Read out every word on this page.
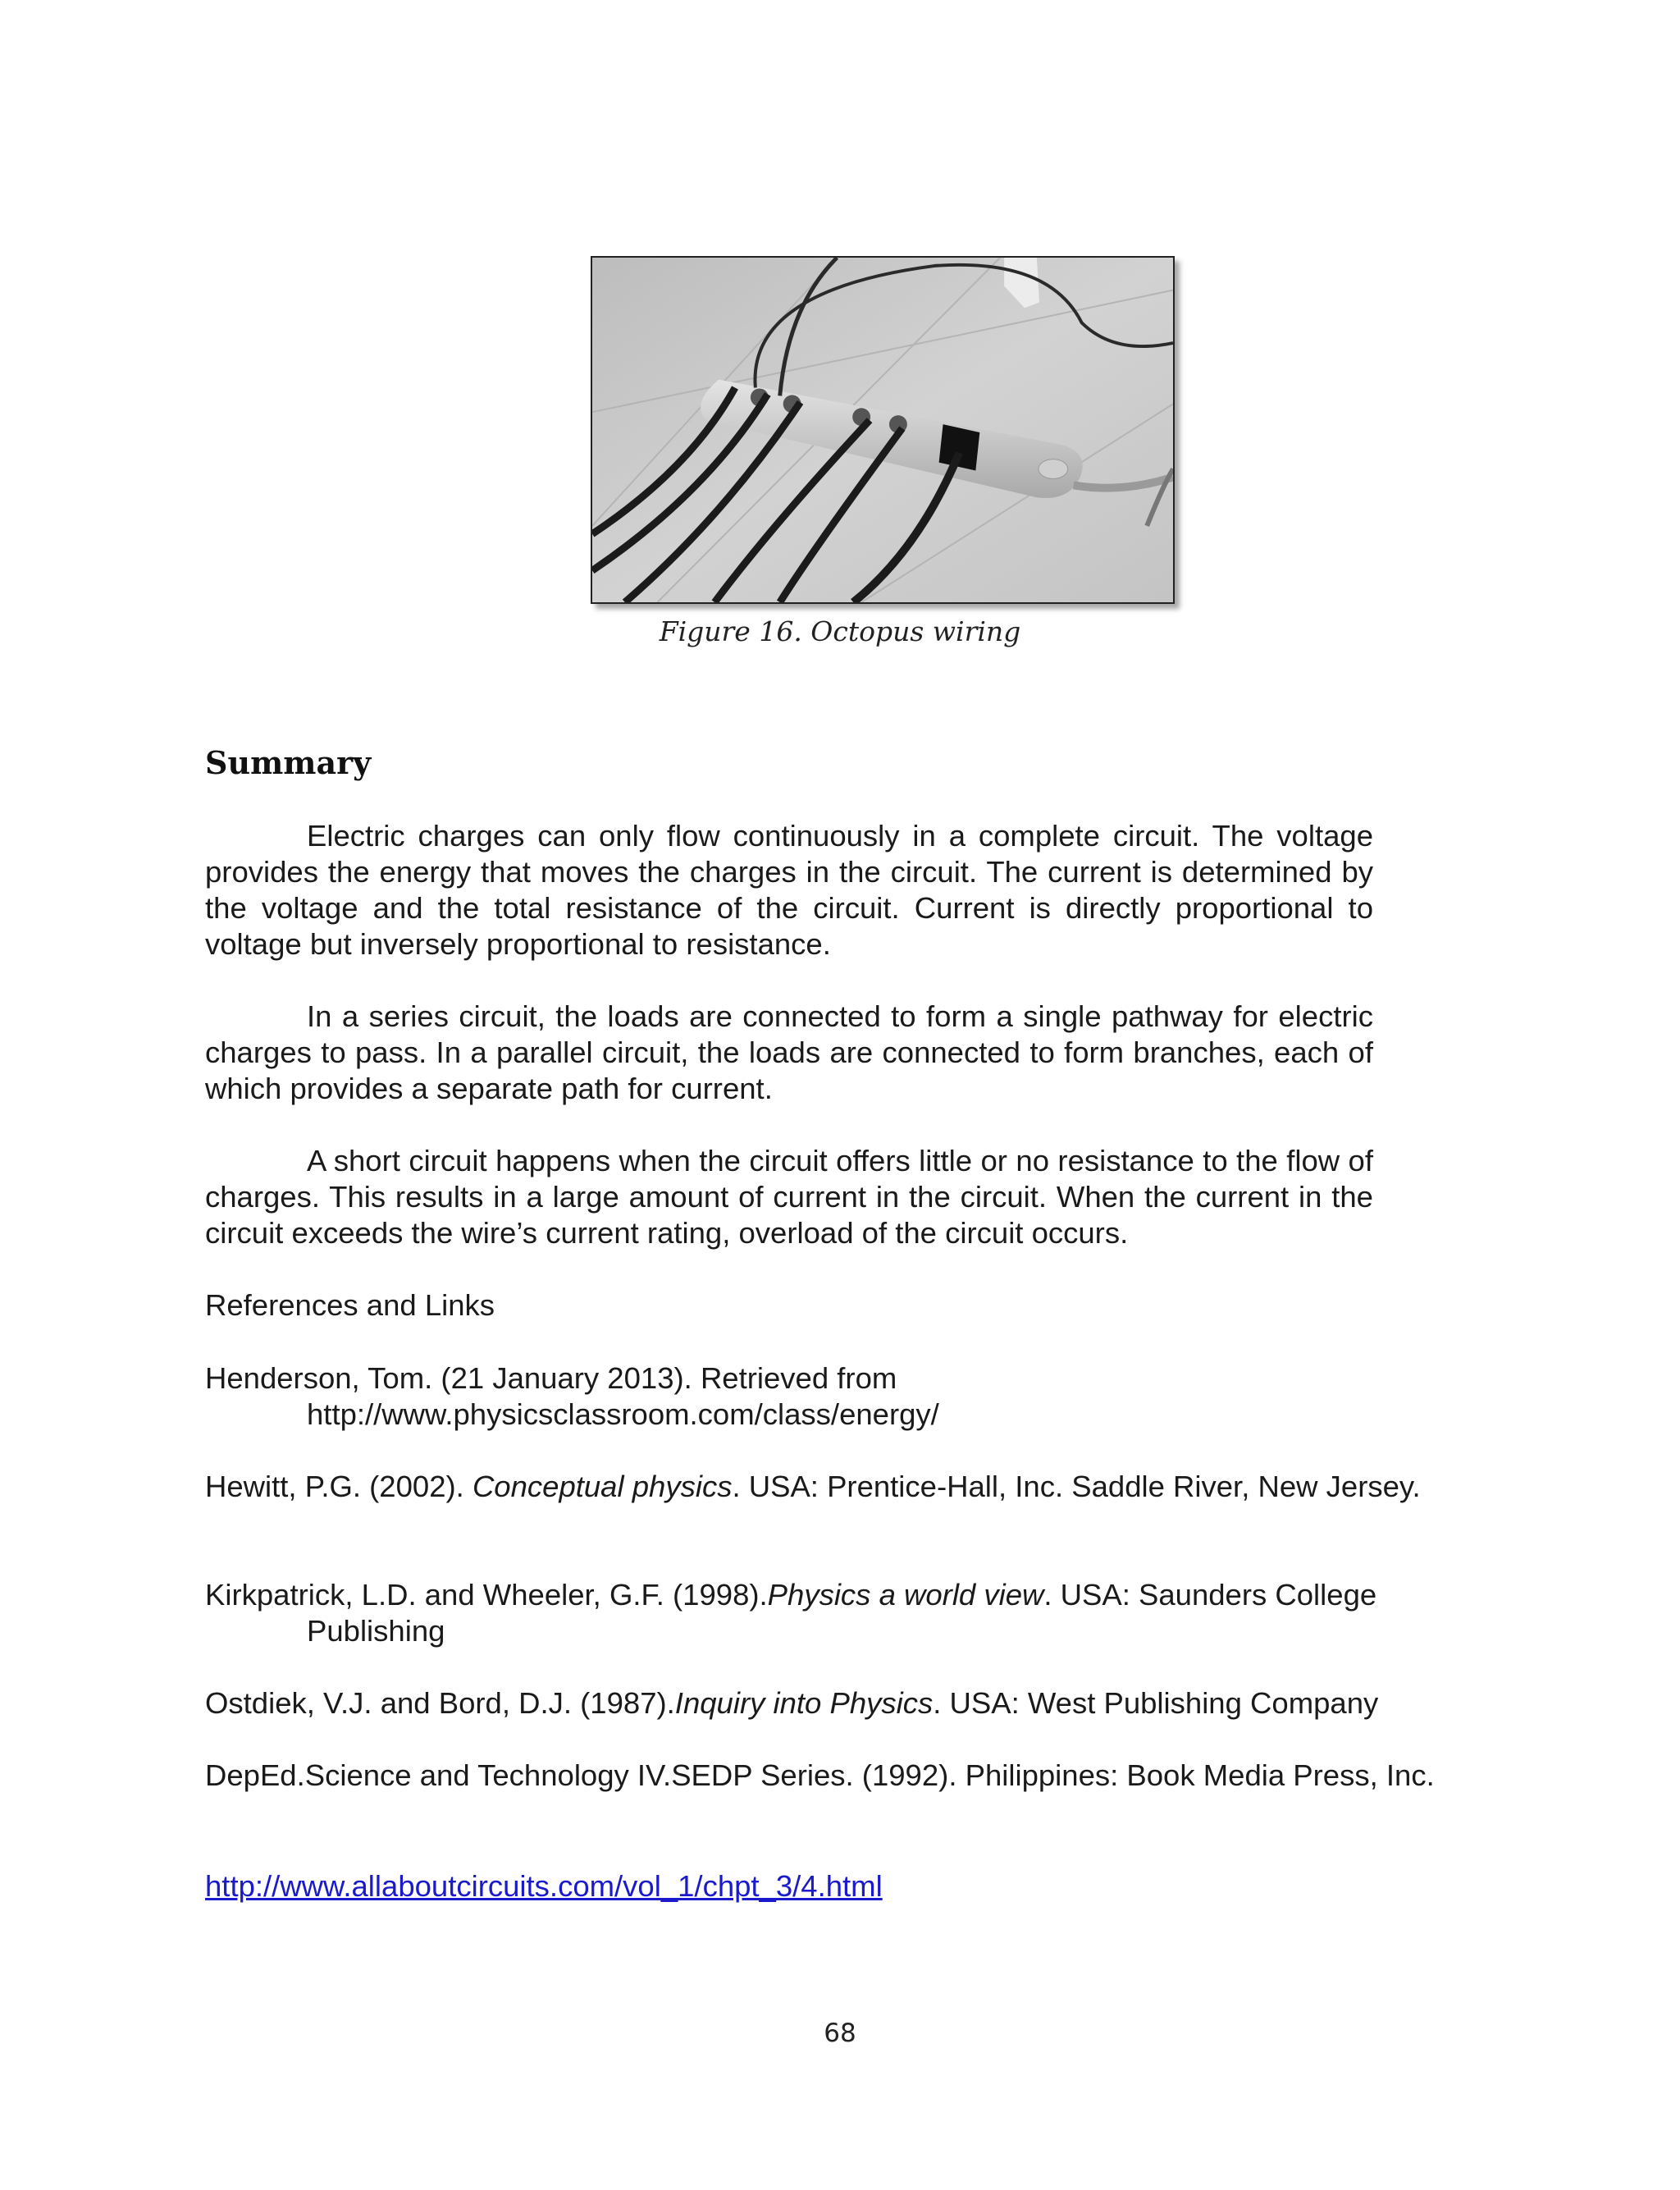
Figure 16. Octopus wiring
Summary

Electric charges can only flow continuously in a complete circuit. The voltage provides the energy that moves the charges in the circuit. The current is determined by the voltage and the total resistance of the circuit. Current is directly proportional to voltage but inversely proportional to resistance.

In a series circuit, the loads are connected to form a single pathway for electric charges to pass. In a parallel circuit, the loads are connected to form branches, each of which provides a separate path for current.

A short circuit happens when the circuit offers little or no resistance to the flow of charges. This results in a large amount of current in the circuit. When the current in the circuit exceeds the wire’s current rating, overload of the circuit occurs.

References and Links

Henderson, Tom. (21 January 2013). Retrieved from http://www.physicsclassroom.com/class/energy/

Hewitt, P.G. (2002). Conceptual physics. USA: Prentice-Hall, Inc. Saddle River, New Jersey.

Kirkpatrick, L.D. and Wheeler, G.F. (1998).Physics a world view. USA: Saunders College Publishing

Ostdiek, V.J. and Bord, D.J. (1987).Inquiry into Physics. USA: West Publishing Company

DepEd.Science and Technology IV.SEDP Series. (1992). Philippines: Book Media Press, Inc.

http://www.allaboutcircuits.com/vol_1/chpt_3/4.html
68
